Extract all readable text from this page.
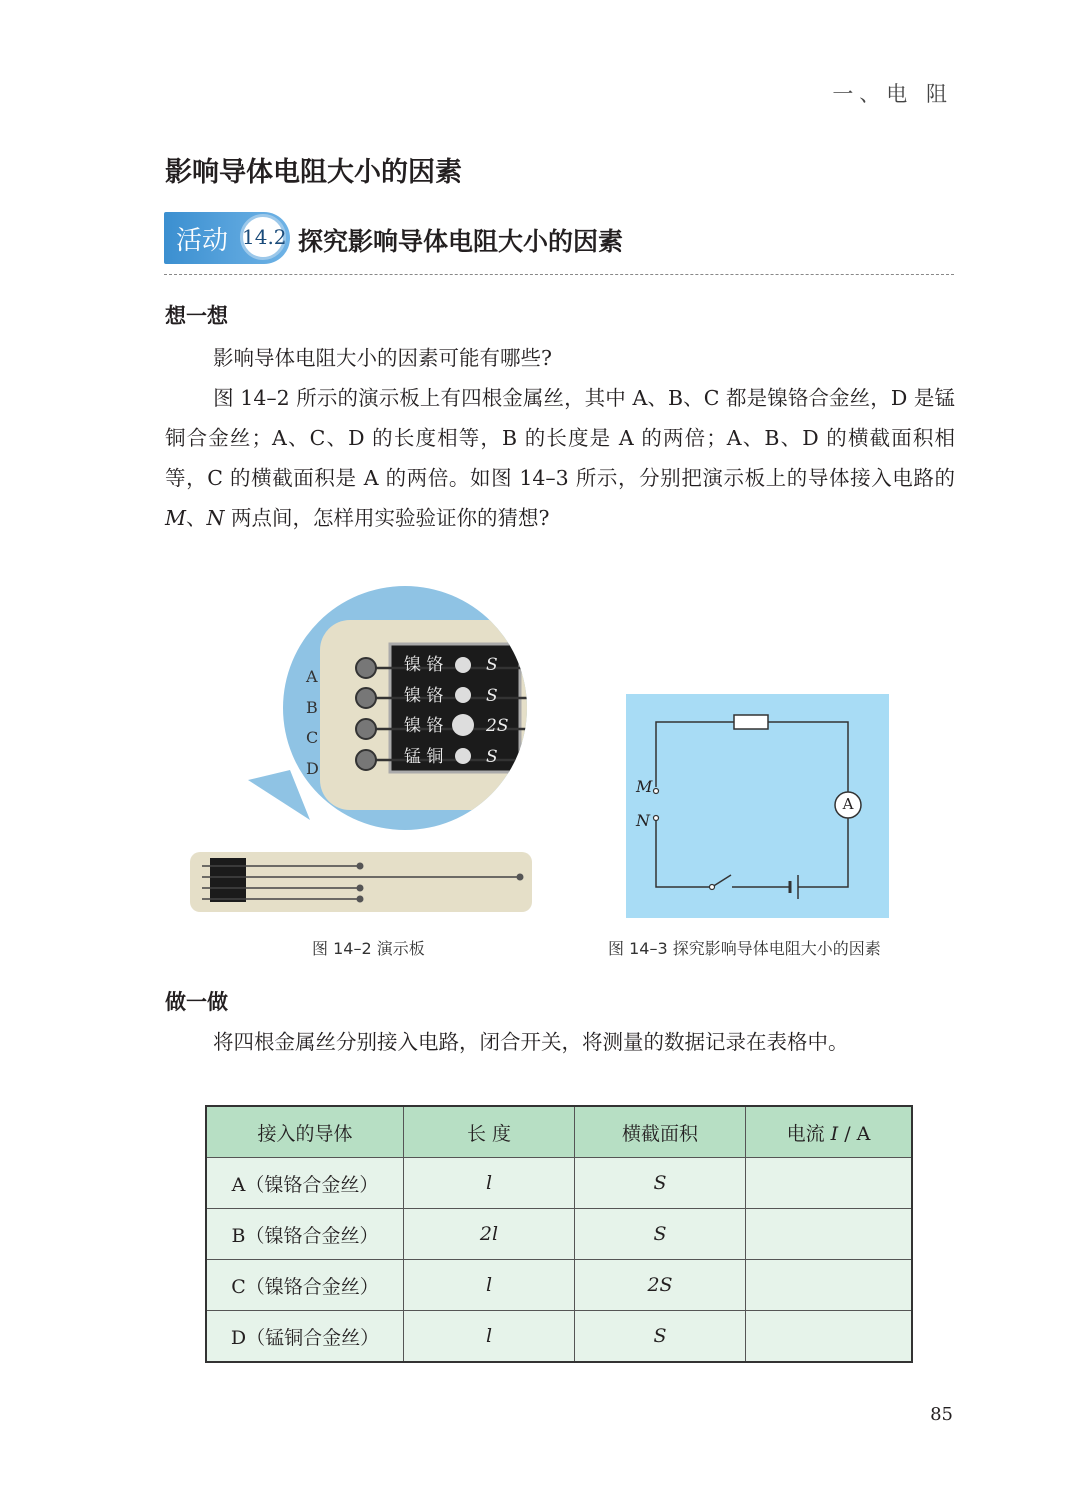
一、电 阻
影响导体电阻大小的因素
活动 14.2 探究影响导体电阻大小的因素
想一想
影响导体电阻大小的因素可能有哪些?
图 14–2 所示的演示板上有四根金属丝，其中 A、B、C 都是镍铬合金丝，D 是锰铜合金丝；A、C、D 的长度相等，B 的长度是 A 的两倍；A、B、D 的横截面积相等，C 的横截面积是 A 的两倍。如图 14–3 所示，分别把演示板上的导体接入电路的 M、N 两点间，怎样用实验验证你的猜想?
A
B
C
D
镍 铬	S
镍 铬	S
镍 铬	2S
锰 铜	S
图 14–2 演示板
M
N
A
图 14–3 探究影响导体电阻大小的因素
做一做
将四根金属丝分别接入电路，闭合开关，将测量的数据记录在表格中。
接入的导体	长 度	横截面积	电流 I / A
A（镍铬合金丝）	l	S	
B（镍铬合金丝）	2l	S	
C（镍铬合金丝）	l	2S	
D（锰铜合金丝）	l	S	
85
